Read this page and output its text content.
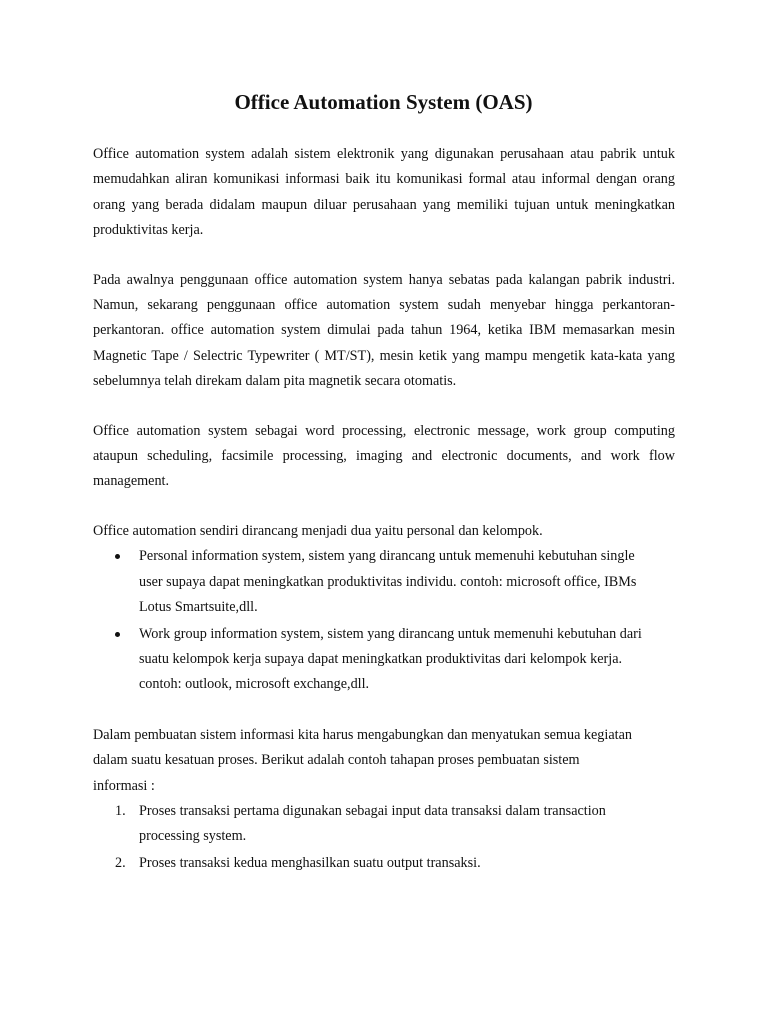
Office Automation System (OAS)

Office automation system adalah sistem elektronik yang digunakan perusahaan atau pabrik untuk memudahkan aliran komunikasi informasi baik itu komunikasi formal atau informal dengan orang orang yang berada didalam maupun diluar perusahaan yang memiliki tujuan untuk meningkatkan produktivitas kerja.

Pada awalnya penggunaan office automation system hanya sebatas pada kalangan pabrik industri. Namun, sekarang penggunaan office automation system sudah menyebar hingga perkantoran-perkantoran. office automation system dimulai pada tahun 1964, ketika IBM memasarkan mesin Magnetic Tape / Selectric Typewriter ( MT/ST), mesin ketik yang mampu mengetik kata-kata yang sebelumnya telah direkam dalam pita magnetik secara otomatis.

Office automation system sebagai word processing, electronic message, work group computing ataupun scheduling, facsimile processing, imaging and electronic documents, and work flow management.

Office automation sendiri dirancang menjadi dua yaitu personal dan kelompok.

Personal information system, sistem yang dirancang untuk memenuhi kebutuhan single user supaya dapat meningkatkan produktivitas individu. contoh: microsoft office, IBMs Lotus Smartsuite,dll.
Work group information system, sistem yang dirancang untuk memenuhi kebutuhan dari suatu kelompok kerja supaya dapat meningkatkan produktivitas dari kelompok kerja. contoh: outlook, microsoft exchange,dll.

Dalam pembuatan sistem informasi kita harus mengabungkan dan menyatukan semua kegiatan dalam suatu kesatuan proses. Berikut adalah contoh tahapan proses pembuatan sistem informasi :

1. Proses transaksi pertama digunakan sebagai input data transaksi dalam transaction processing system.
2. Proses transaksi kedua menghasilkan suatu output transaksi.
